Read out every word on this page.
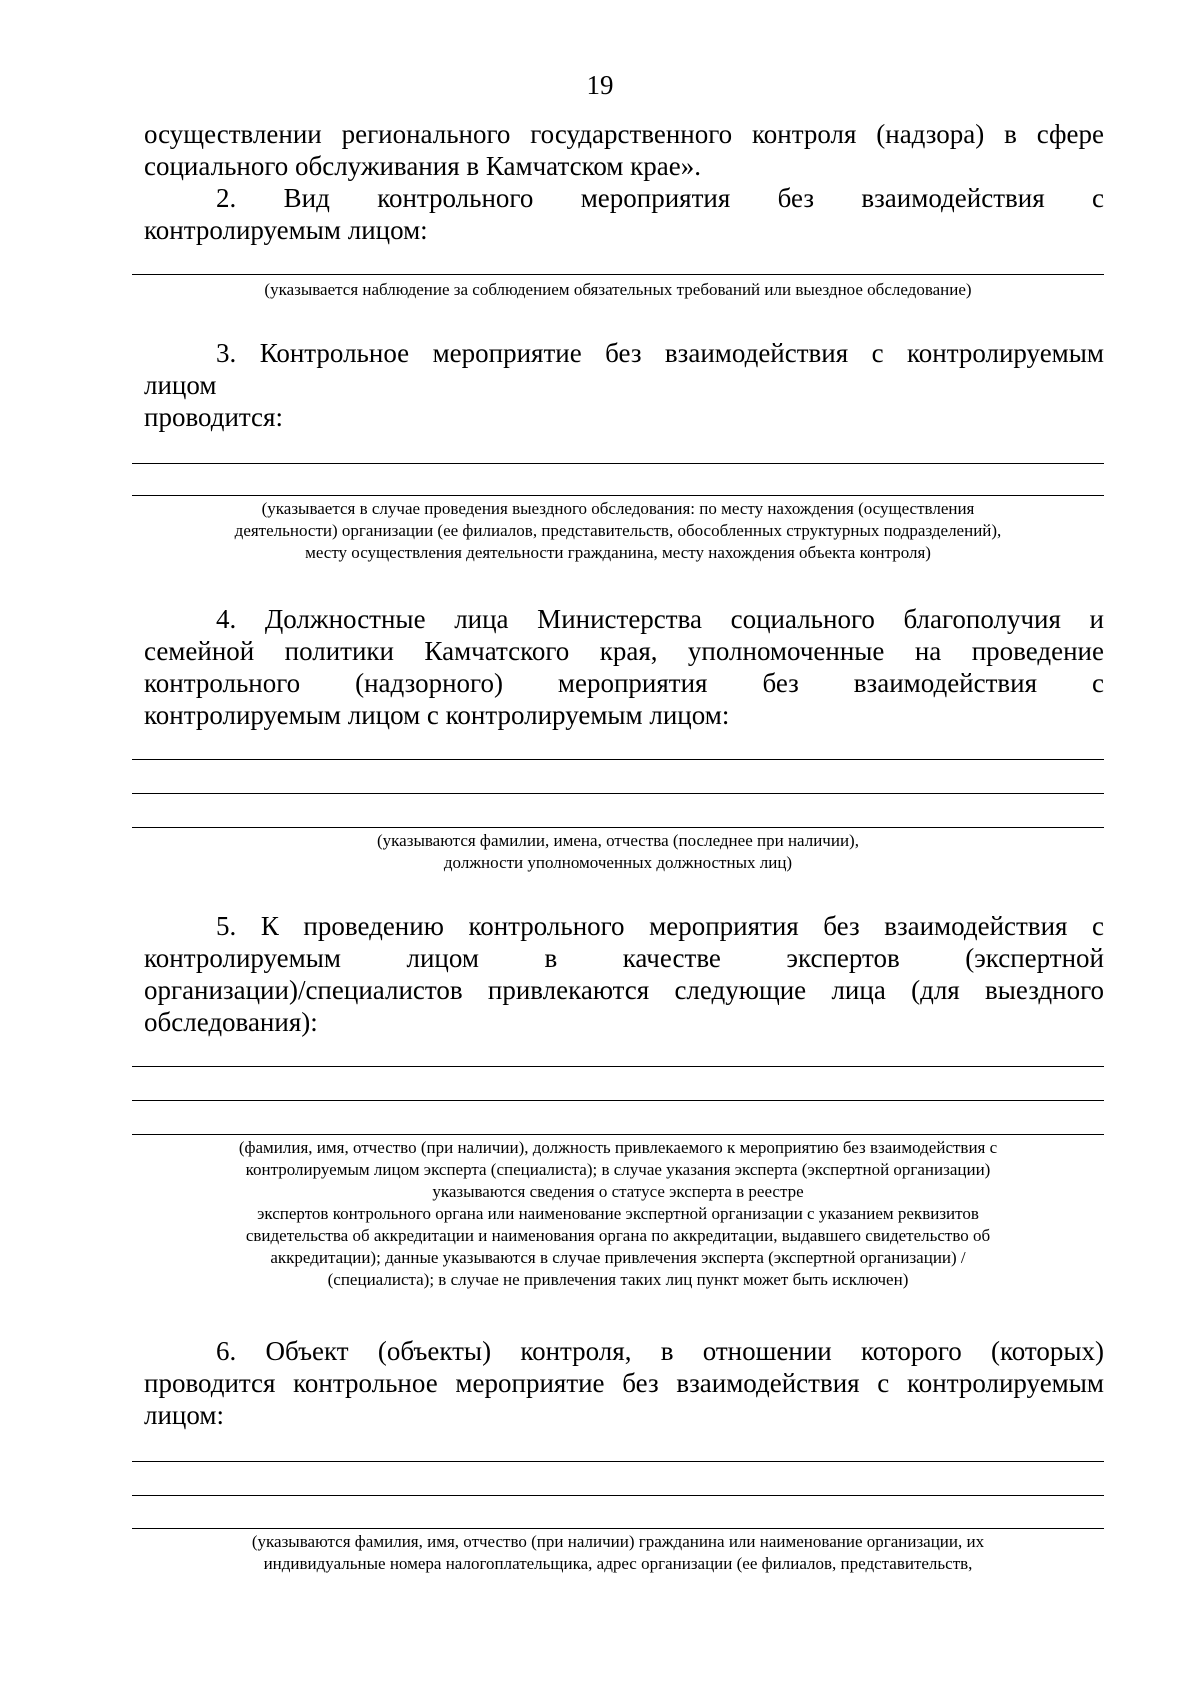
19

осуществлении регионального государственного контроля (надзора) в сфере

социального обслуживания в Камчатском крае».

2. Вид контрольного мероприятия без взаимодействия с

контролируемым лицом:

(указывается наблюдение за соблюдением обязательных требований или выездное обследование)

3. Контрольное мероприятие без взаимодействия с контролируемым

лицом

проводится:

(указывается в случае проведения выездного обследования: по месту нахождения (осуществления
деятельности) организации (ее филиалов, представительств, обособленных структурных подразделений),
месту осуществления деятельности гражданина, месту нахождения объекта контроля)

4. Должностные лица Министерства социального благополучия и

семейной политики Камчатского края, уполномоченные на проведение

контрольного (надзорного) мероприятия без взаимодействия с

контролируемым лицом с контролируемым лицом:

(указываются фамилии, имена, отчества (последнее при наличии),
должности уполномоченных должностных лиц)

5. К проведению контрольного мероприятия без взаимодействия с

контролируемым лицом в качестве экспертов (экспертной

организации)/специалистов привлекаются следующие лица (для выездного

обследования):

(фамилия, имя, отчество (при наличии), должность привлекаемого к мероприятию без взаимодействия с
контролируемым лицом эксперта (специалиста); в случае указания эксперта (экспертной организации)
указываются сведения о статусе эксперта в реестре
экспертов контрольного органа или наименование экспертной организации с указанием реквизитов
свидетельства об аккредитации и наименования органа по аккредитации, выдавшего свидетельство об
аккредитации); данные указываются в случае привлечения эксперта (экспертной организации) /
(специалиста); в случае не привлечения таких лиц пункт может быть исключен)

6. Объект (объекты) контроля, в отношении которого (которых)

проводится контрольное мероприятие без взаимодействия с контролируемым

лицом:

(указываются фамилия, имя, отчество (при наличии) гражданина или наименование организации, их
индивидуальные номера налогоплательщика, адрес организации (ее филиалов, представительств,
